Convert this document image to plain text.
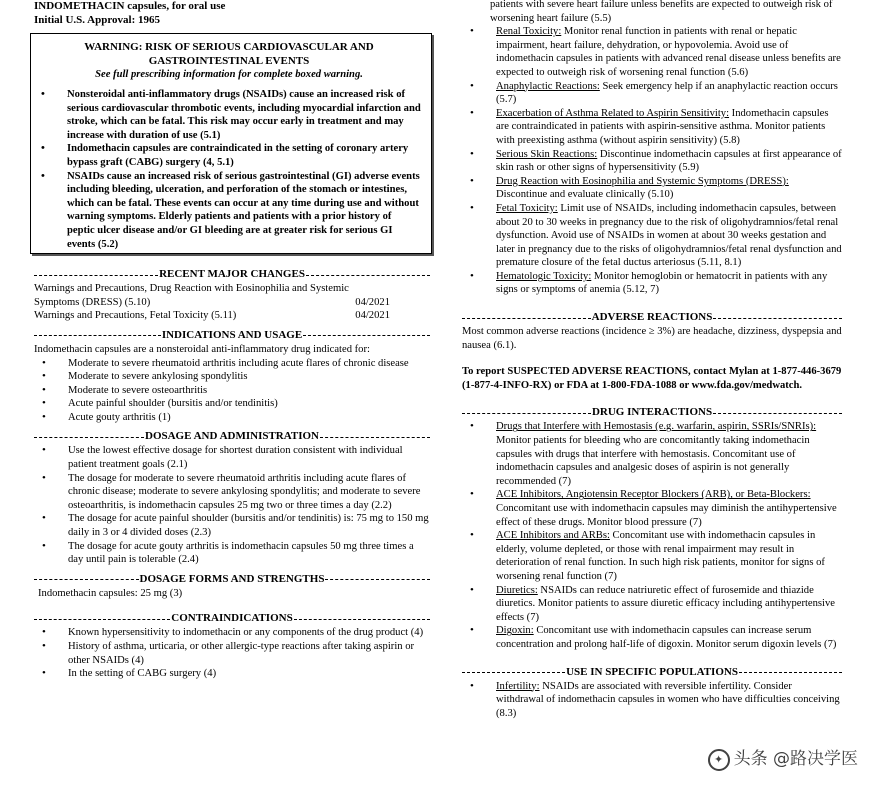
INDOMETHACIN capsules, for oral use
Initial U.S. Approval: 1965
WARNING: RISK OF SERIOUS CARDIOVASCULAR AND
GASTROINTESTINAL EVENTS
See full prescribing information for complete boxed warning.
• Nonsteroidal anti-inflammatory drugs (NSAIDs) cause an increased risk of serious cardiovascular thrombotic events, including myocardial infarction and stroke, which can be fatal. This risk may occur early in treatment and may increase with duration of use (5.1)
• Indomethacin capsules are contraindicated in the setting of coronary artery bypass graft (CABG) surgery (4, 5.1)
• NSAIDs cause an increased risk of serious gastrointestinal (GI) adverse events including bleeding, ulceration, and perforation of the stomach or intestines, which can be fatal. These events can occur at any time during use and without warning symptoms. Elderly patients and patients with a prior history of peptic ulcer disease and/or GI bleeding are at greater risk for serious GI events (5.2)
RECENT MAJOR CHANGES
Warnings and Precautions, Drug Reaction with Eosinophilia and Systemic
Symptoms (DRESS) (5.10)	04/2021
Warnings and Precautions, Fetal Toxicity (5.11)	04/2021
INDICATIONS AND USAGE
Indomethacin capsules are a nonsteroidal anti-inflammatory drug indicated for:
• Moderate to severe rheumatoid arthritis including acute flares of chronic disease
• Moderate to severe ankylosing spondylitis
• Moderate to severe osteoarthritis
• Acute painful shoulder (bursitis and/or tendinitis)
• Acute gouty arthritis (1)
DOSAGE AND ADMINISTRATION
• Use the lowest effective dosage for shortest duration consistent with individual patient treatment goals (2.1)
• The dosage for moderate to severe rheumatoid arthritis including acute flares of chronic disease; moderate to severe ankylosing spondylitis; and moderate to severe osteoarthritis, is indomethacin capsules 25 mg two or three times a day (2.2)
• The dosage for acute painful shoulder (bursitis and/or tendinitis) is: 75 mg to 150 mg daily in 3 or 4 divided doses (2.3)
• The dosage for acute gouty arthritis is indomethacin capsules 50 mg three times a day until pain is tolerable (2.4)
DOSAGE FORMS AND STRENGTHS
Indomethacin capsules: 25 mg (3)
CONTRAINDICATIONS
• Known hypersensitivity to indomethacin or any components of the drug product (4)
• History of asthma, urticaria, or other allergic-type reactions after taking aspirin or other NSAIDs (4)
• In the setting of CABG surgery (4)
patients with severe heart failure unless benefits are expected to outweigh risk of worsening heart failure (5.5)
• Renal Toxicity: Monitor renal function in patients with renal or hepatic impairment, heart failure, dehydration, or hypovolemia. Avoid use of indomethacin capsules in patients with advanced renal disease unless benefits are expected to outweigh risk of worsening renal function (5.6)
• Anaphylactic Reactions: Seek emergency help if an anaphylactic reaction occurs (5.7)
• Exacerbation of Asthma Related to Aspirin Sensitivity: Indomethacin capsules are contraindicated in patients with aspirin-sensitive asthma. Monitor patients with preexisting asthma (without aspirin sensitivity) (5.8)
• Serious Skin Reactions: Discontinue indomethacin capsules at first appearance of skin rash or other signs of hypersensitivity (5.9)
• Drug Reaction with Eosinophilia and Systemic Symptoms (DRESS): Discontinue and evaluate clinically (5.10)
• Fetal Toxicity: Limit use of NSAIDs, including indomethacin capsules, between about 20 to 30 weeks in pregnancy due to the risk of oligohydramnios/fetal renal dysfunction. Avoid use of NSAIDs in women at about 30 weeks gestation and later in pregnancy due to the risks of oligohydramnios/fetal renal dysfunction and premature closure of the fetal ductus arteriosus (5.11, 8.1)
• Hematologic Toxicity: Monitor hemoglobin or hematocrit in patients with any signs or symptoms of anemia (5.12, 7)
ADVERSE REACTIONS
Most common adverse reactions (incidence ≥ 3%) are headache, dizziness, dyspepsia and nausea (6.1).
To report SUSPECTED ADVERSE REACTIONS, contact Mylan at 1-877-446-3679 (1-877-4-INFO-RX) or FDA at 1-800-FDA-1088 or www.fda.gov/medwatch.
DRUG INTERACTIONS
• Drugs that Interfere with Hemostasis (e.g. warfarin, aspirin, SSRIs/SNRIs): Monitor patients for bleeding who are concomitantly taking indomethacin capsules with drugs that interfere with hemostasis. Concomitant use of indomethacin capsules and analgesic doses of aspirin is not generally recommended (7)
• ACE Inhibitors, Angiotensin Receptor Blockers (ARB), or Beta-Blockers: Concomitant use with indomethacin capsules may diminish the antihypertensive effect of these drugs. Monitor blood pressure (7)
• ACE Inhibitors and ARBs: Concomitant use with indomethacin capsules in elderly, volume depleted, or those with renal impairment may result in deterioration of renal function. In such high risk patients, monitor for signs of worsening renal function (7)
• Diuretics: NSAIDs can reduce natriuretic effect of furosemide and thiazide diuretics. Monitor patients to assure diuretic efficacy including antihypertensive effects (7)
• Digoxin: Concomitant use with indomethacin capsules can increase serum concentration and prolong half-life of digoxin. Monitor serum digoxin levels (7)
USE IN SPECIFIC POPULATIONS
• Infertility: NSAIDs are associated with reversible infertility. Consider withdrawal of indomethacin capsules in women who have difficulties conceiving (8.3)
✦ 头条 @路决学医
